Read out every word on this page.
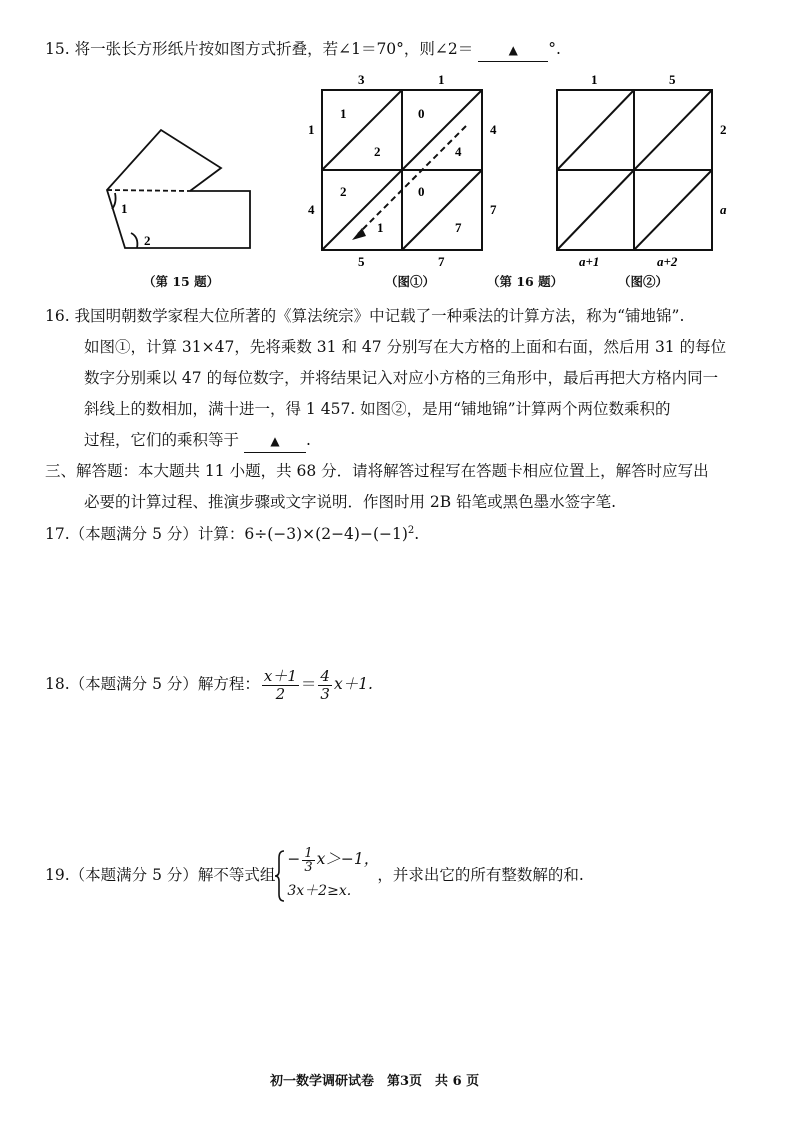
15. 将一张长方形纸片按如图方式折叠，若∠1＝70°，则∠2＝	▲ °.
1
2
（第 15 题）
3	1
4
7
1
4
5	7
1
2
0
4
2
1
0
7
（图①）	（第 16 题）
1	5
2
a
a+1	a+2
（图②）
16. 我国明朝数学家程大位所著的《算法统宗》中记载了一种乘法的计算方法，称为“铺地锦”.
如图①，计算 31×47，先将乘数 31 和 47 分别写在大方格的上面和右面，然后用 31 的每位
数字分别乘以 47 的每位数字，并将结果记入对应小方格的三角形中，最后再把大方格内同一
斜线上的数相加，满十进一，得 1 457. 如图②，是用“铺地锦”计算两个两位数乘积的
过程，它们的乘积等于	▲ .
三、解答题：本大题共 11 小题，共 68 分．请将解答过程写在答题卡相应位置上，解答时应写出
必要的计算过程、推演步骤或文字说明．作图时用 2B 铅笔或黑色墨水签字笔.
17.（本题满分 5 分）计算：$6\div(-3)\times(2-4)-(-1)^2$.
18.（本题满分 5 分）解方程： $\frac{x+1}{2} = \frac{4}{3} x+1$.
19.（本题满分 5 分）解不等式组
− $\frac{1}{3} x>-1$，
3x＋2≥x.
，并求出它的所有整数解的和.
初一数学调研试卷　第3页　共 6 页
